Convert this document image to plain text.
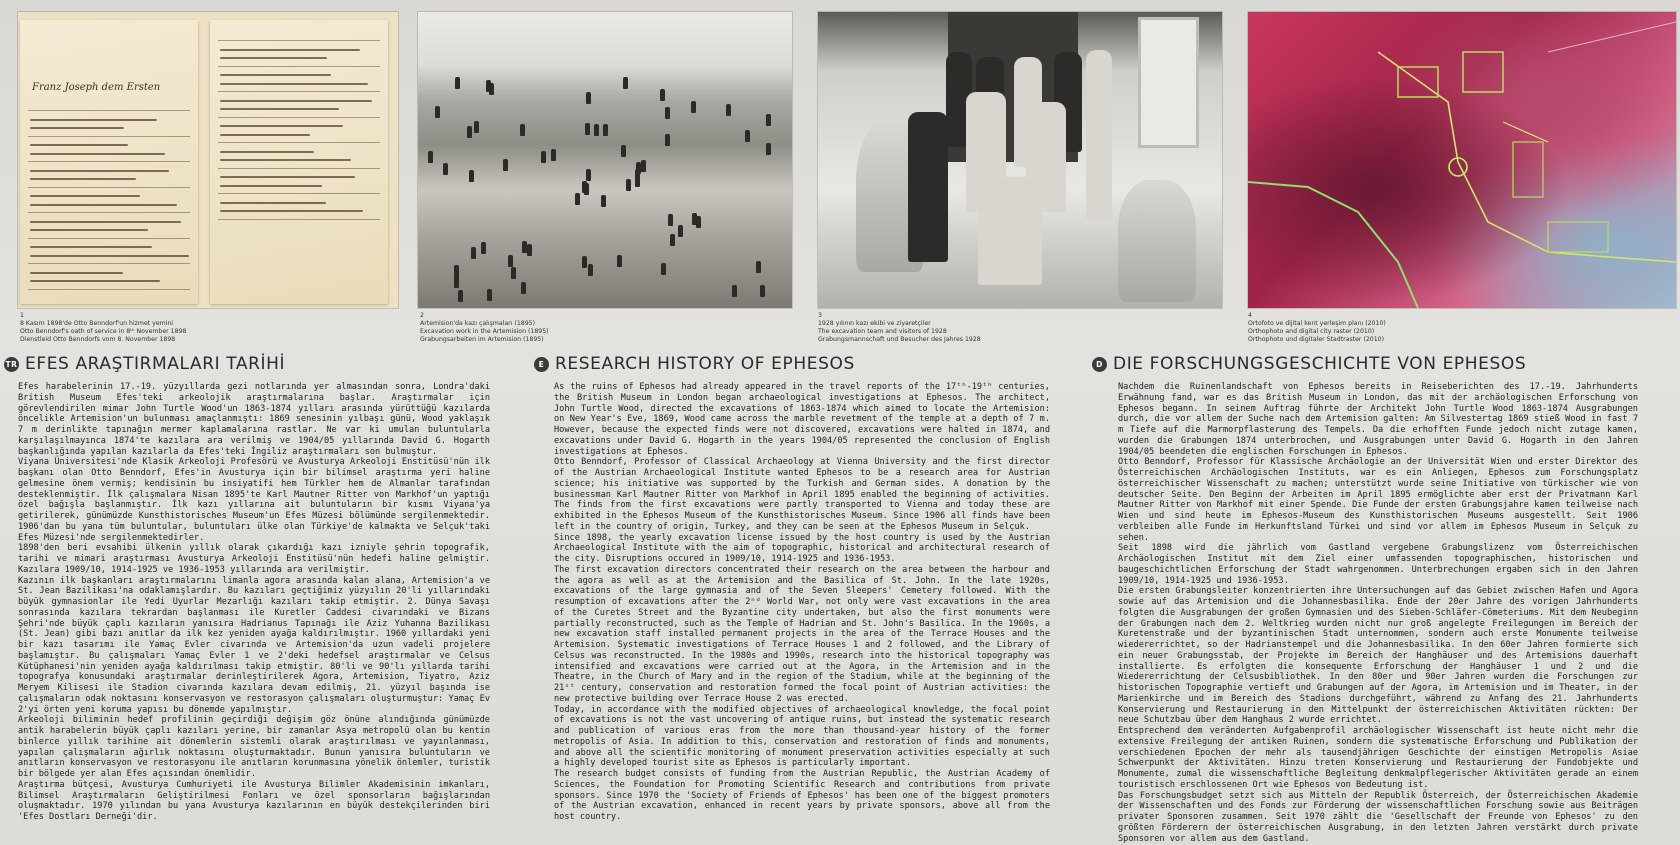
Franz Joseph dem Ersten
1
8 Kasım 1898'de Otto Benndorf'un hizmet yemini
Otto Benndorf's oath of service in 8ᵗʰ November 1898
Dienstleid Otto Benndorfs vom 8. November 1898
2
Artemision'da kazı çalışmaları (1895)
Excavation work in the Artemision (1895)
Grabungsarbeiten im Artemision (1895)
3
1928 yılının kazı ekibi ve ziyaretçiler
The excavation team and visitors of 1928
Grabungsmannschaft und Besucher des Jahres 1928
4
Ortofoto ve dijital kent yerleşim planı (2010)
Orthophoto and digital city raster (2010)
Orthophoto und digitaler Stadtraster (2010)
TR EFES ARAŞTIRMALARI TARİHİ

Efes harabelerinin 17.-19. yüzyıllarda gezi notlarında yer almasından sonra, Londra'daki British Museum Efes'teki arkeolojik araştırmalarına başlar. Araştırmalar için görevlendirilen mimar John Turtle Wood'un 1863-1874 yılları arasında yürüttüğü kazılarda öncelikle Artemision'un bulunması amaçlanmıştı: 1869 senesinin yılbaşı günü, Wood yaklaşık 7 m derinlikte tapınağın mermer kaplamalarına rastlar. Ne var ki umulan buluntularla karşılaşılmayınca 1874'te kazılara ara verilmiş ve 1904/05 yıllarında David G. Hogarth başkanlığında yapılan kazılarla da Efes'teki İngiliz araştırmaları son bulmuştur.

Viyana Üniversitesi'nde Klasik Arkeoloji Profesörü ve Avusturya Arkeoloji Enstitüsü'nün ilk başkanı olan Otto Benndorf, Efes'in Avusturya için bir bilimsel araştırma yeri haline gelmesine önem vermiş; kendisinin bu insiyatifi hem Türkler hem de Almanlar tarafından desteklenmiştir. İlk çalışmalara Nisan 1895'te Karl Mautner Ritter von Markhof'un yaptığı özel bağışla başlanmıştır. İlk kazı yıllarına ait buluntuların bir kısmı Viyana'ya getirilerek, günümüzde Kunsthistorisches Museum'un Efes Müzesi bölümünde sergilenmektedir. 1906'dan bu yana tüm buluntular, buluntuları ülke olan Türkiye'de kalmakta ve Selçuk'taki Efes Müzesi'nde sergilenmektedirler.

1898'den beri evsahibi ülkenin yıllık olarak çıkardığı kazı izniyle şehrin topografik, tarihi ve mimari araştırması Avusturya Arkeoloji Enstitüsü'nün hedefi haline gelmiştir. Kazılara 1909/10, 1914-1925 ve 1936-1953 yıllarında ara verilmiştir.

Kazının ilk başkanları araştırmalarını limanla agora arasında kalan alana, Artemision'a ve St. Jean Bazilikası'na odaklamışlardır. Bu kazıları geçtiğimiz yüzyılın 20'li yıllarındaki büyük gymnasionlar ile Yedi Uyurlar Mezarlığı kazıları takip etmiştir. 2. Dünya Savaşı sonrasında kazılara tekrardan başlanması ile Kuretler Caddesi civarındaki ve Bizans Şehri'nde büyük çaplı kazıların yanısıra Hadrianus Tapınağı ile Aziz Yuhanna Bazilikası (St. Jean) gibi bazı anıtlar da ilk kez yeniden ayağa kaldırılmıştır. 1960 yıllardaki yeni bir kazı tasarımı ile Yamaç Evler civarında ve Artemision'da uzun vadeli projelere başlamıştır. Bu çalışmaları Yamaç Evler 1 ve 2'deki hedefsel araştırmalar ve Celsus Kütüphanesi'nin yeniden ayağa kaldırılması takip etmiştir. 80'li ve 90'lı yıllarda tarihi topografya konusundaki araştırmalar derinleştirilerek Agora, Artemision, Tiyatro, Aziz Meryem Kilisesi ile Stadion civarında kazılara devam edilmiş, 21. yüzyıl başında ise çalışmaların odak noktasını konservasyon ve restorasyon çalışmaları oluşturmuştur: Yamaç Ev 2'yi örten yeni koruma yapısı bu dönemde yapılmıştır.

Arkeoloji biliminin hedef profilinin geçirdiği değişim göz önüne alındığında günümüzde antik harabelerin büyük çaplı kazıları yerine, bir zamanlar Asya metropolü olan bu kentin binlerce yıllık tarihine ait dönemlerin sistemli olarak araştırılması ve yayınlanması, yapılan çalışmaların ağırlık noktasını oluşturmaktadır. Bunun yanısıra buluntuların ve anıtların konservasyon ve restorasyonu ile anıtların korunmasına yönelik önlemler, turistik bir bölgede yer alan Efes açısından önemlidir.

Araştırma bütçesi, Avusturya Cumhuriyeti ile Avusturya Bilimler Akademisinin imkanları, Bilimsel Araştırmaların Geliştirilmesi Fonları ve özel sponsorların bağışlarından oluşmaktadır. 1970 yılından bu yana Avusturya kazılarının en büyük destekçilerinden biri 'Efes Dostları Derneği'dir.

E RESEARCH HISTORY OF EPHESOS

As the ruins of Ephesos had already appeared in the travel reports of the 17ᵗʰ-19ᵗʰ centuries, the British Museum in London began archaeological investigations at Ephesos. The architect, John Turtle Wood, directed the excavations of 1863-1874 which aimed to locate the Artemision: on New Year's Eve, 1869, Wood came across the marble revetment of the temple at a depth of 7 m. However, because the expected finds were not discovered, excavations were halted in 1874, and excavations under David G. Hogarth in the years 1904/05 represented the conclusion of English investigations at Ephesos.

Otto Benndorf, Professor of Classical Archaeology at Vienna University and the first director of the Austrian Archaeological Institute wanted Ephesos to be a research area for Austrian science; his initiative was supported by the Turkish and German sides. A donation by the businessman Karl Mautner Ritter von Markhof in April 1895 enabled the beginning of activities. The finds from the first excavations were partly transported to Vienna and today these are exhibited in the Ephesos Museum of the Kunsthistorisches Museum. Since 1906 all finds have been left in the country of origin, Turkey, and they can be seen at the Ephesos Museum in Selçuk.

Since 1898, the yearly excavation license issued by the host country is used by the Austrian Archaeological Institute with the aim of topographic, historical and architectural research of the city. Disruptions occured in 1909/10, 1914-1925 and 1936-1953.

The first excavation directors concentrated their research on the area between the harbour and the agora as well as at the Artemision and the Basilica of St. John. In the late 1920s, excavations of the large gymnasia and of the Seven Sleepers' Cemetery followed. With the resumption of excavations after the 2ⁿᵈ World War, not only were vast excavations in the area of the Curetes Street and the Byzantine city undertaken, but also the first monuments were partially reconstructed, such as the Temple of Hadrian and St. John's Basilica. In the 1960s, a new excavation staff installed permanent projects in the area of the Terrace Houses and the Artemision. Systematic investigations of Terrace Houses 1 and 2 followed, and the Library of Celsus was reconstructed. In the 1980s and 1990s, research into the historical topography was intensified and excavations were carried out at the Agora, in the Artemision and in the Theatre, in the Church of Mary and in the region of the Stadium, while at the beginning of the 21ˢᵗ century, conservation and restoration formed the focal point of Austrian activities: the new protective building over Terrace House 2 was erected.

Today, in accordance with the modified objectives of archaeological knowledge, the focal point of excavations is not the vast uncovering of antique ruins, but instead the systematic research and publication of various eras from the more than thousand-year history of the former metropolis of Asia. In addition to this, conservation and restoration of finds and monuments, and above all the scientific monitoring of monument preservation activities especially at such a highly developed tourist site as Ephesos is particularly important.

The research budget consists of funding from the Austrian Republic, the Austrian Academy of Sciences, the Foundation for Promoting Scientific Research and contributions from private sponsors. Since 1970 the 'Society of Friends of Ephesos' has been one of the biggest promoters of the Austrian excavation, enhanced in recent years by private sponsors, above all from the host country.

D DIE FORSCHUNGSGESCHICHTE VON EPHESOS

Nachdem die Ruinenlandschaft von Ephesos bereits in Reiseberichten des 17.-19. Jahrhunderts Erwähnung fand, war es das British Museum in London, das mit der archäologischen Erforschung von Ephesos begann. In seinem Auftrag führte der Architekt John Turtle Wood 1863-1874 Ausgrabungen durch, die vor allem der Suche nach dem Artemision galten: Am Silvestertag 1869 stieß Wood in fast 7 m Tiefe auf die Marmorpflasterung des Tempels. Da die erhofften Funde jedoch nicht zutage kamen, wurden die Grabungen 1874 unterbrochen, und Ausgrabungen unter David G. Hogarth in den Jahren 1904/05 beendeten die englischen Forschungen in Ephesos.

Otto Benndorf, Professor für Klassische Archäologie an der Universität Wien und erster Direktor des Österreichischen Archäologischen Instituts, war es ein Anliegen, Ephesos zum Forschungsplatz österreichischer Wissenschaft zu machen; unterstützt wurde seine Initiative von türkischer wie von deutscher Seite. Den Beginn der Arbeiten im April 1895 ermöglichte aber erst der Privatmann Karl Mautner Ritter von Markhof mit einer Spende. Die Funde der ersten Grabungsjahre kamen teilweise nach Wien und sind heute im Ephesos-Museum des Kunsthistorischen Museums ausgestellt. Seit 1906 verbleiben alle Funde im Herkunftsland Türkei und sind vor allem im Ephesos Museum in Selçuk zu sehen.

Seit 1898 wird die jährlich vom Gastland vergebene Grabungslizenz vom Österreichischen Archäologischen Institut mit dem Ziel einer umfassenden topographischen, historischen und baugeschichtlichen Erforschung der Stadt wahrgenommen. Unterbrechungen ergaben sich in den Jahren 1909/10, 1914-1925 und 1936-1953.

Die ersten Grabungsleiter konzentrierten ihre Untersuchungen auf das Gebiet zwischen Hafen und Agora sowie auf das Artemision und die Johannesbasilika. Ende der 20er Jahre des vorigen Jahrhunderts folgten die Ausgrabungen der großen Gymnasien und des Sieben-Schläfer-Cömeteriums. Mit dem Neubeginn der Grabungen nach dem 2. Weltkrieg wurden nicht nur groß angelegte Freilegungen im Bereich der Kuretenstraße und der byzantinischen Stadt unternommen, sondern auch erste Monumente teilweise wiedererrichtet, so der Hadrianstempel und die Johannesbasilika. In den 60er Jahren formierte sich ein neuer Grabungsstab, der Projekte im Bereich der Hanghäuser und des Artemisions dauerhaft installierte. Es erfolgten die konsequente Erforschung der Hanghäuser 1 und 2 und die Wiedererrichtung der Celsusbibliothek. In den 80er und 90er Jahren wurden die Forschungen zur historischen Topographie vertieft und Grabungen auf der Agora, im Artemision und im Theater, in der Marienkirche und im Bereich des Stadions durchgeführt, während zu Anfang des 21. Jahrhunderts Konservierung und Restaurierung in den Mittelpunkt der österreichischen Aktivitäten rückten: Der neue Schutzbau über dem Hanghaus 2 wurde errichtet.

Entsprechend dem veränderten Aufgabenprofil archäologischer Wissenschaft ist heute nicht mehr die extensive Freilegung der antiken Ruinen, sondern die systematische Erforschung und Publikation der verschiedenen Epochen der mehr als tausendjährigen Geschichte der einstigen Metropolis Asiae Schwerpunkt der Aktivitäten. Hinzu treten Konservierung und Restaurierung der Fundobjekte und Monumente, zumal die wissenschaftliche Begleitung denkmalpflegerischer Aktivitäten gerade an einem touristisch erschlossenen Ort wie Ephesos von Bedeutung ist.

Das Forschungsbudget setzt sich aus Mitteln der Republik Österreich, der Österreichischen Akademie der Wissenschaften und des Fonds zur Förderung der wissenschaftlichen Forschung sowie aus Beiträgen privater Sponsoren zusammen. Seit 1970 zählt die 'Gesellschaft der Freunde von Ephesos' zu den größten Förderern der österreichischen Ausgrabung, in den letzten Jahren verstärkt durch private Sponsoren vor allem aus dem Gastland.
